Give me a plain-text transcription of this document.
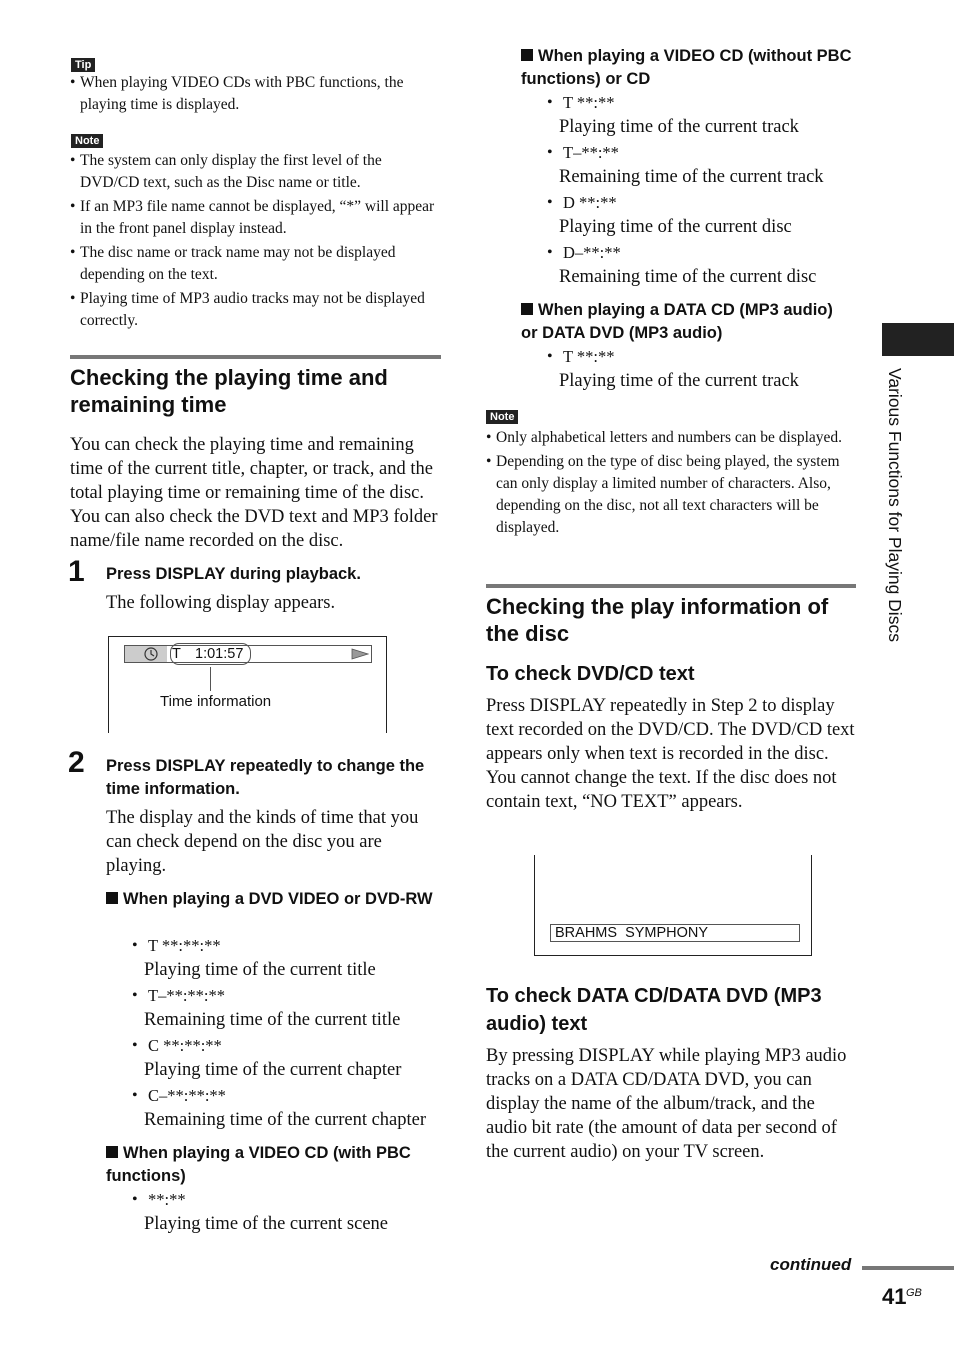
Tip
• When playing VIDEO CDs with PBC functions, the playing time is displayed.
Note
• The system can only display the first level of the DVD/CD text, such as the Disc name or title.
• If an MP3 file name cannot be displayed, “*” will appear in the front panel display instead.
• The disc name or track name may not be displayed depending on the text.
• Playing time of MP3 audio tracks may not be displayed correctly.
Checking the playing time and remaining time

You can check the playing time and remaining time of the current title, chapter, or track, and the total playing time or remaining time of the disc. You can also check the DVD text and MP3 folder name/file name recorded on the disc.

1 Press DISPLAY during playback.

The following display appears.

T 1:01:57
Time information
2 Press DISPLAY repeatedly to change the time information.

The display and the kinds of time that you can check depend on the disc you are playing.

When playing a DVD VIDEO or DVD-RW

• T **:**:**
Playing time of the current title
• T–**:**:**
Remaining time of the current title
• C **:**:**
Playing time of the current chapter
• C–**:**:**
Remaining time of the current chapter

When playing a VIDEO CD (with PBC functions)

• **:**
Playing time of the current scene

When playing a VIDEO CD (without PBC functions) or CD

• T **:**
Playing time of the current track
• T–**:**
Remaining time of the current track
• D **:**
Playing time of the current disc
• D–**:**
Remaining time of the current disc

When playing a DATA CD (MP3 audio) or DATA DVD (MP3 audio)

• T **:**
Playing time of the current track
Note
• Only alphabetical letters and numbers can be displayed.
• Depending on the type of disc being played, the system can only display a limited number of characters. Also, depending on the disc, not all text characters will be displayed.
Checking the play information of the disc
To check DVD/CD text

Press DISPLAY repeatedly in Step 2 to display text recorded on the DVD/CD. The DVD/CD text appears only when text is recorded in the disc. You cannot change the text. If the disc does not contain text, “NO TEXT” appears.

BRAHMS  SYMPHONY
To check DATA CD/DATA DVD (MP3 audio) text

By pressing DISPLAY while playing MP3 audio tracks on a DATA CD/DATA DVD, you can display the name of the album/track, and the audio bit rate (the amount of data per second of the current audio) on your TV screen.

Various Functions for Playing Discs
continued
41 GB
